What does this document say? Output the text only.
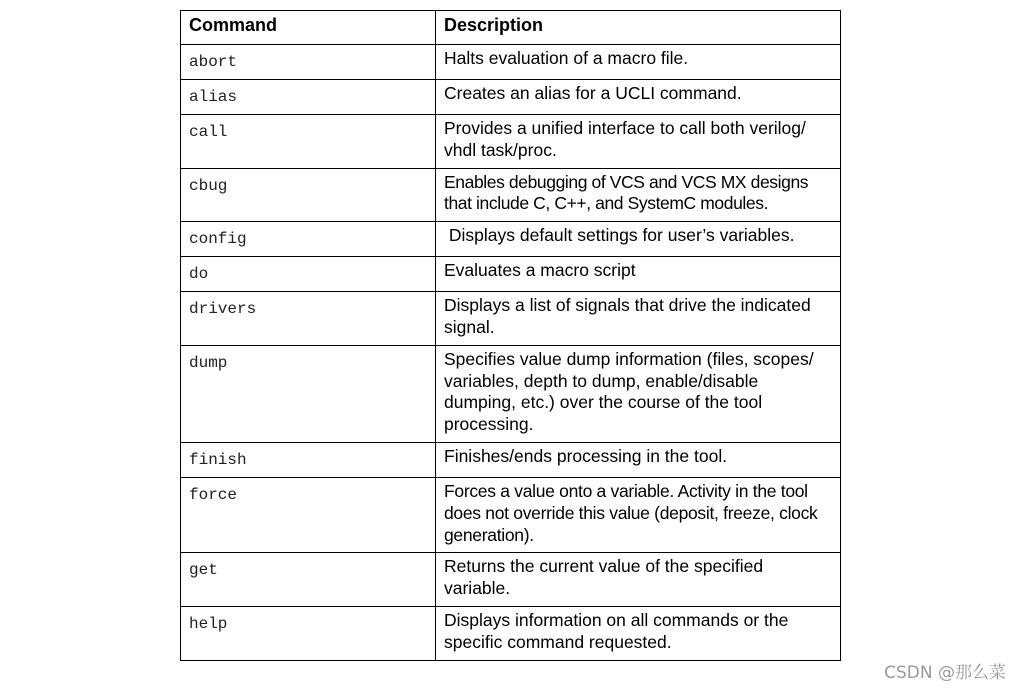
Command	Description
abort	Halts evaluation of a macro file.
alias	Creates an alias for a UCLI command.
call	Provides a unified interface to call both verilog/ vhdl task/proc.
cbug	Enables debugging of VCS and VCS MX designs that include C, C++, and SystemC modules.
config	Displays default settings for user’s variables.
do	Evaluates a macro script
drivers	Displays a list of signals that drive the indicated signal.
dump	Specifies value dump information (files, scopes/ variables, depth to dump, enable/disable dumping, etc.) over the course of the tool processing.
finish	Finishes/ends processing in the tool.
force	Forces a value onto a variable. Activity in the tool does not override this value (deposit, freeze, clock generation).
get	Returns the current value of the specified variable.
help	Displays information on all commands or the specific command requested.
CSDN @那么菜
